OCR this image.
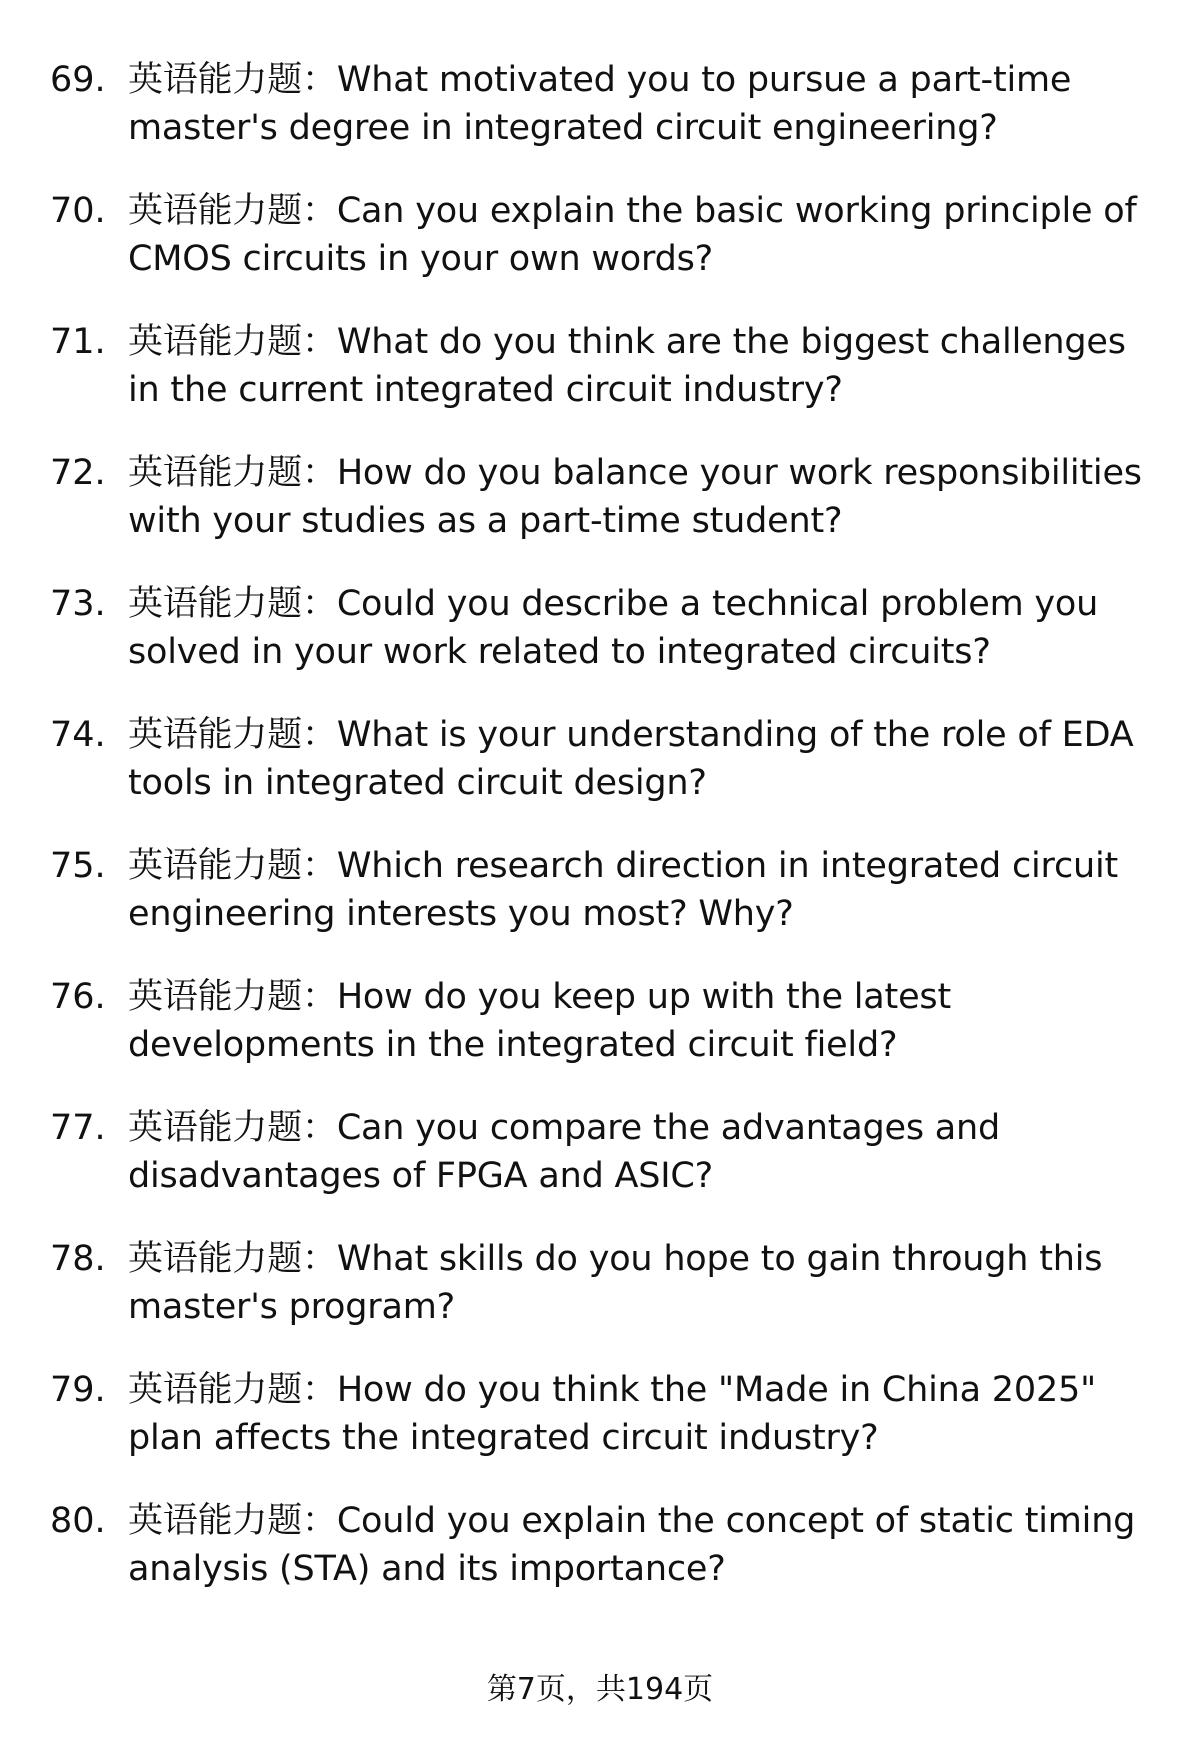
69. 英语能力题：What motivated you to pursue a part-time master's degree in integrated circuit engineering?
70. 英语能力题：Can you explain the basic working principle of CMOS circuits in your own words?
71. 英语能力题：What do you think are the biggest challenges in the current integrated circuit industry?
72. 英语能力题：How do you balance your work responsibilities with your studies as a part-time student?
73. 英语能力题：Could you describe a technical problem you solved in your work related to integrated circuits?
74. 英语能力题：What is your understanding of the role of EDA tools in integrated circuit design?
75. 英语能力题：Which research direction in integrated circuit engineering interests you most? Why?
76. 英语能力题：How do you keep up with the latest developments in the integrated circuit field?
77. 英语能力题：Can you compare the advantages and disadvantages of FPGA and ASIC?
78. 英语能力题：What skills do you hope to gain through this master's program?
79. 英语能力题：How do you think the "Made in China 2025" plan affects the integrated circuit industry?
80. 英语能力题：Could you explain the concept of static timing analysis (STA) and its importance?
第7页，共194页
